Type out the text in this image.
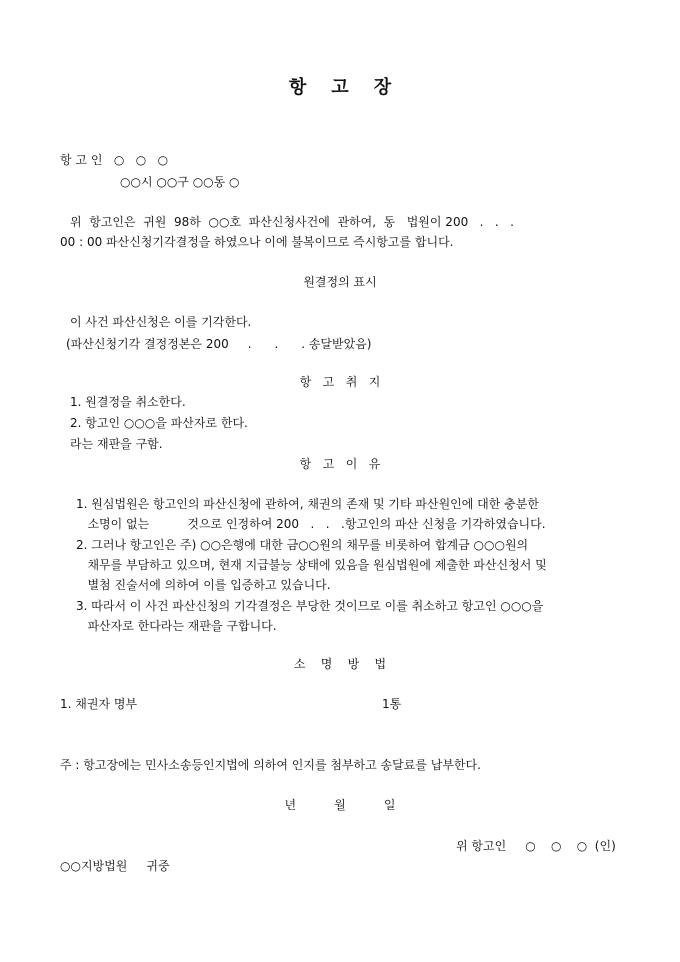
항    고    장
항 고 인   ○   ○   ○
○○시 ○○구 ○○동 ○
위  항고인은  귀원  98하  ○○호  파산신청사건에  관하여,  동   법원이 200   .   .   .
00 : 00 파산신청기각결정을 하였으나 이에 불복이므로 즉시항고를 합니다.
원결정의 표시
이 사건 파산신청은 이를 기각한다.
(파산신청기각 결정정본은 200     .      .      . 송달받았음)
항   고   취   지
1. 원결정을 취소한다.
2. 항고인 ○○○을 파산자로 한다.
라는 재판을 구함.
항   고   이   유
1. 원심법원은 항고인의 파산신청에 관하여, 채권의 존재 및 기타 파산원인에 대한 충분한
소명이 없는          것으로 인정하여 200   .   .   .항고인의 파산 신청을 기각하였습니다.
2. 그러나 항고인은 주) ○○은행에 대한 금○○원의 채무를 비롯하여 합계금 ○○○원의
채무를 부담하고 있으며, 현재 지급불능 상태에 있음을 원심법원에 제출한 파산신청서 및
별첨 진술서에 의하여 이를 입증하고 있습니다.
3. 따라서 이 사건 파산신청의 기각결정은 부당한 것이므로 이를 취소하고 항고인 ○○○을
파산자로 한다라는 재판을 구합니다.
소    명    방    법
1. 채권자 명부	1통
주 : 항고장에는 민사소송등인지법에 의하여 인지를 첨부하고 송달료를 납부한다.
년          월          일
위 항고인     ○    ○    ○  (인)
○○지방법원     귀중
